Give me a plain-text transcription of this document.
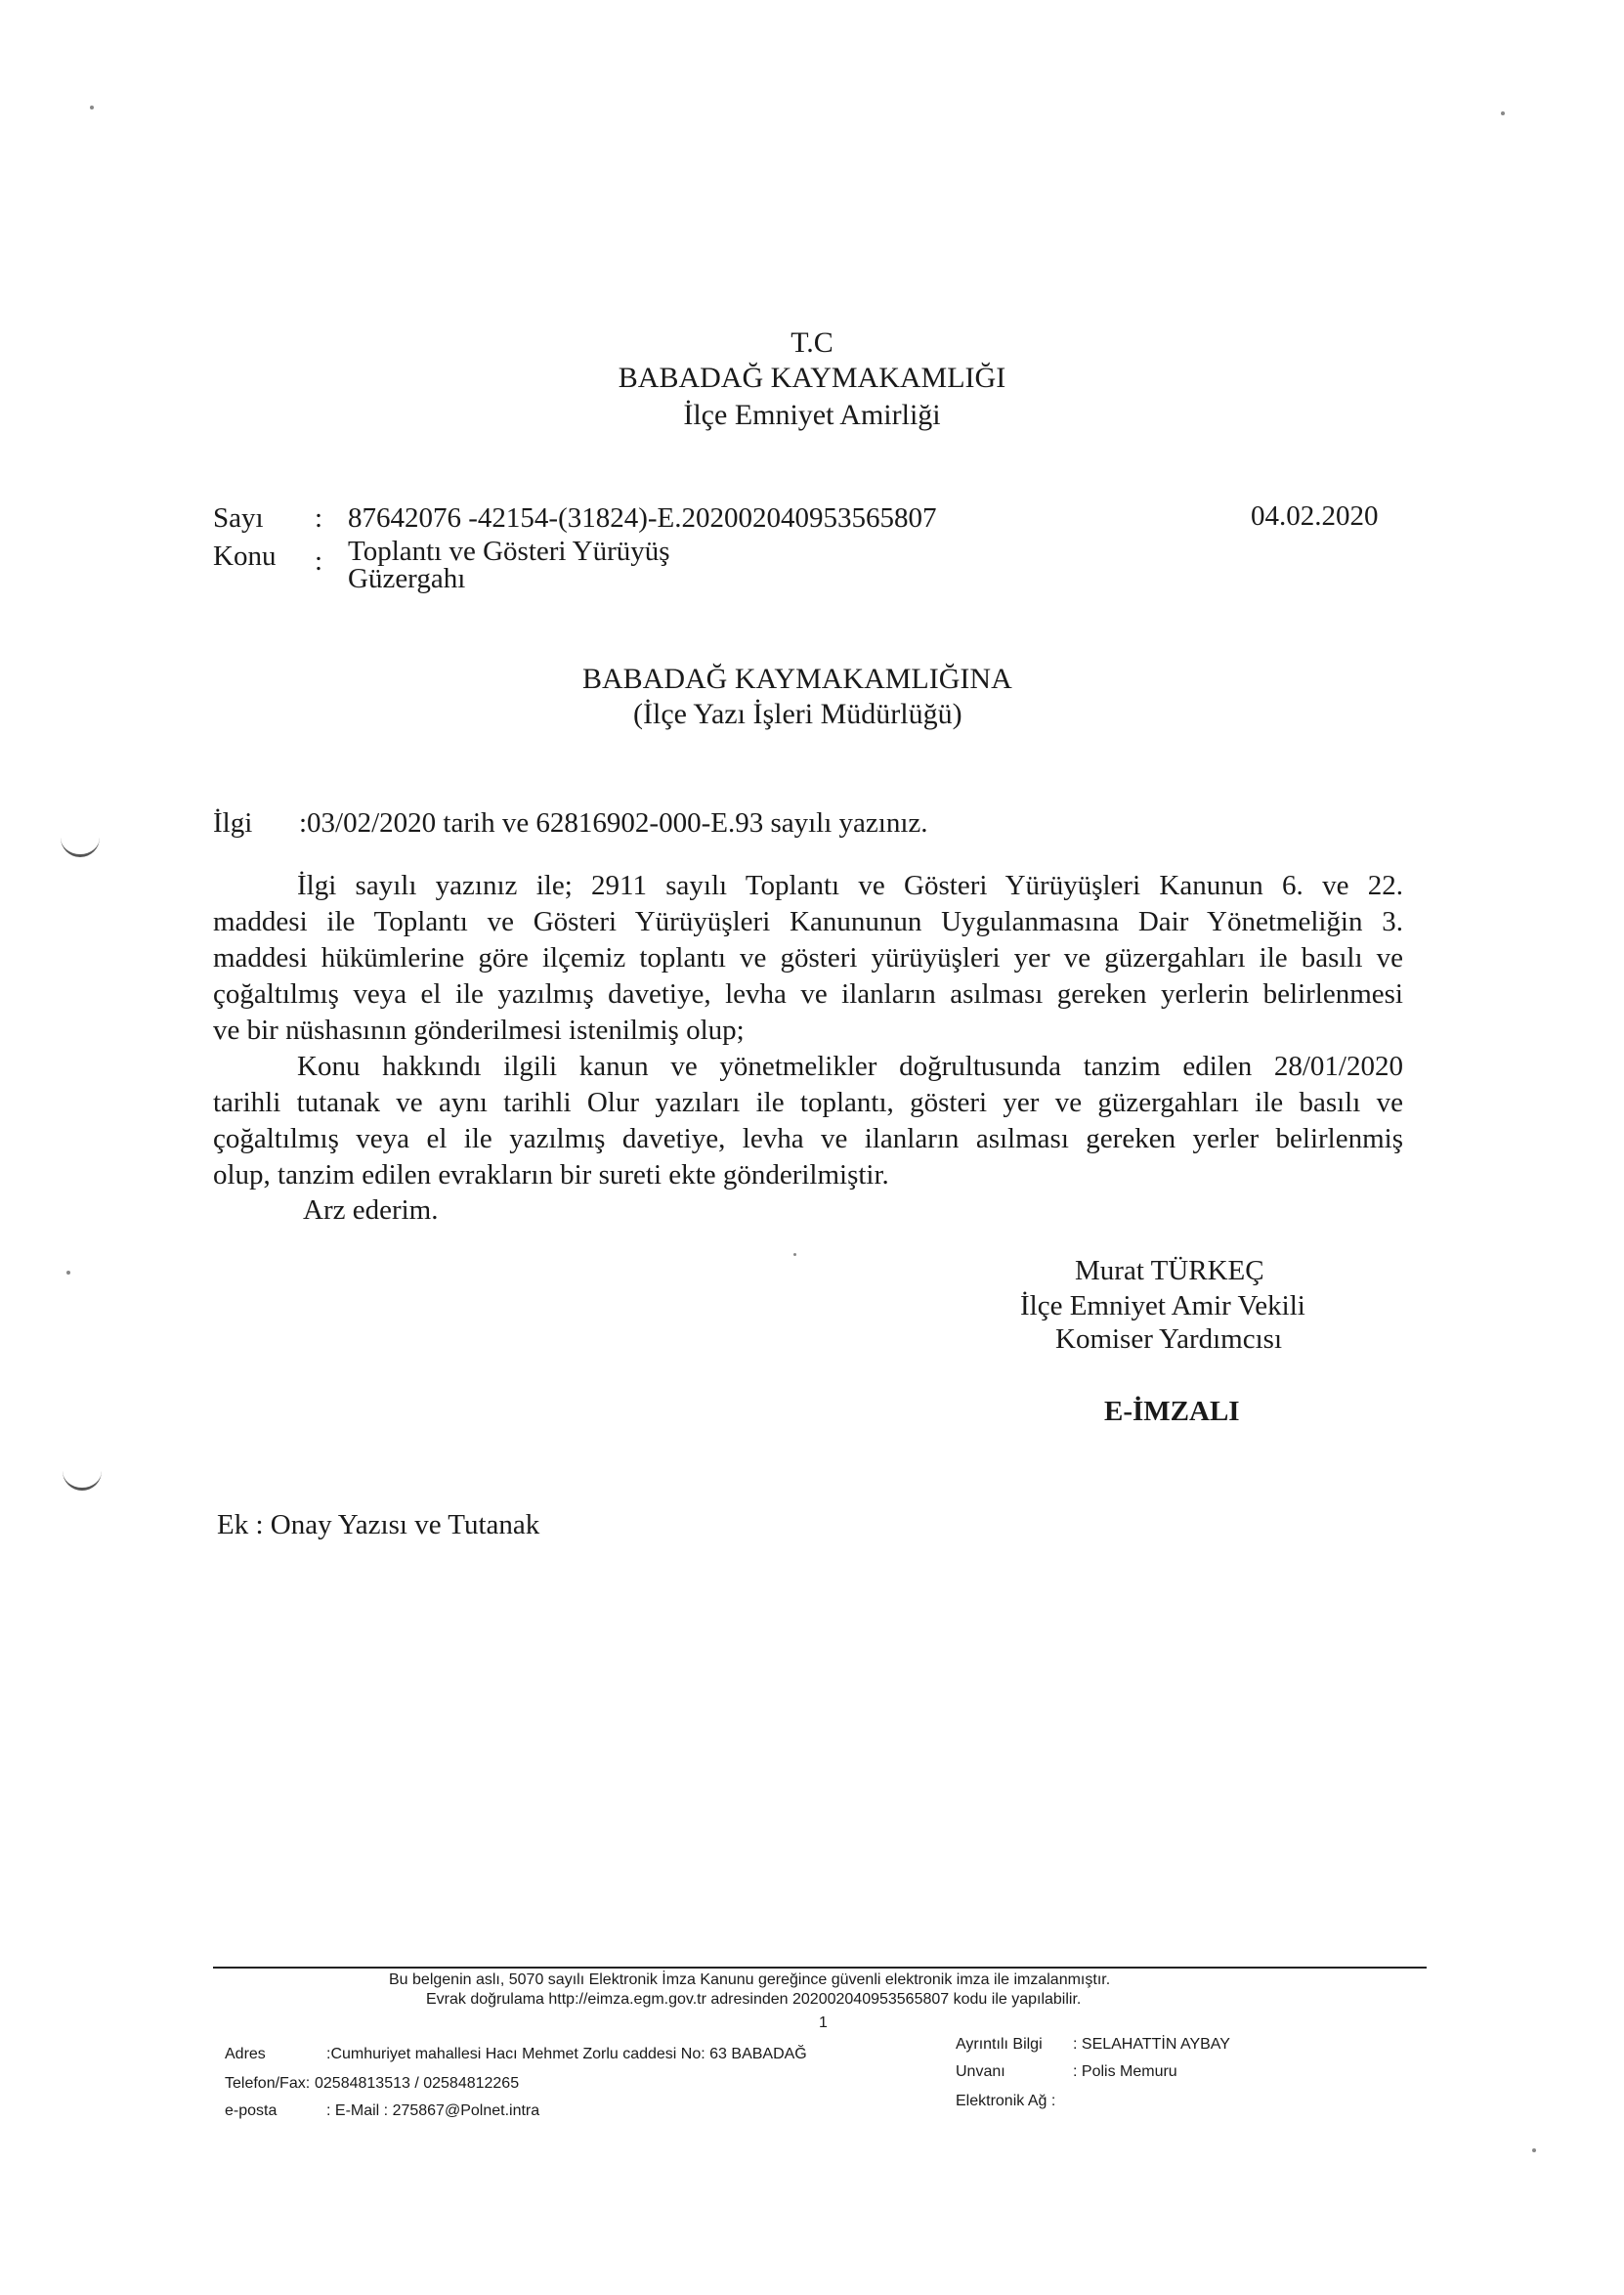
T.C
BABADAĞ KAYMAKAMLIĞI
İlçe Emniyet Amirliği
Sayı : 87642076 -42154-(31824)-E.202002040953565807	04.02.2020
Konu : Toplantı ve Gösteri Yürüyüş
Güzergahı
BABADAĞ KAYMAKAMLIĞINA
(İlçe Yazı İşleri Müdürlüğü)
İlgi :03/02/2020 tarih ve 62816902-000-E.93 sayılı yazınız.
İlgi sayılı yazınız ile; 2911 sayılı Toplantı ve Gösteri Yürüyüşleri Kanunun 6. ve 22.
maddesi ile Toplantı ve Gösteri Yürüyüşleri Kanununun Uygulanmasına Dair Yönetmeliğin 3.
maddesi hükümlerine göre ilçemiz toplantı ve gösteri yürüyüşleri yer ve güzergahları ile basılı ve
çoğaltılmış veya el ile yazılmış davetiye, levha ve ilanların asılması gereken yerlerin belirlenmesi
ve bir nüshasının gönderilmesi istenilmiş olup;
Konu hakkındı ilgili kanun ve yönetmelikler doğrultusunda tanzim edilen 28/01/2020
tarihli tutanak ve aynı tarihli Olur yazıları ile toplantı, gösteri yer ve güzergahları ile basılı ve
çoğaltılmış veya el ile yazılmış davetiye, levha ve ilanların asılması gereken yerler belirlenmiş
olup, tanzim edilen evrakların bir sureti ekte gönderilmiştir.
Arz ederim.
Murat TÜRKEÇ
İlçe Emniyet Amir Vekili
Komiser Yardımcısı
E-İMZALI
Ek : Onay Yazısı ve Tutanak
Bu belgenin aslı, 5070 sayılı Elektronik İmza Kanunu gereğince güvenli elektronik imza ile imzalanmıştır.
Evrak doğrulama http://eimza.egm.gov.tr adresinden 202002040953565807 kodu ile yapılabilir.
1
Adres	:Cumhuriyet mahallesi Hacı Mehmet Zorlu caddesi No: 63 BABADAĞ
Telefon/Fax: 02584813513 / 02584812265
e-posta	: E-Mail : 275867@Polnet.intra
Ayrıntılı Bilgi : SELAHATTİN AYBAY
Unvanı	: Polis Memuru
Elektronik Ağ :
